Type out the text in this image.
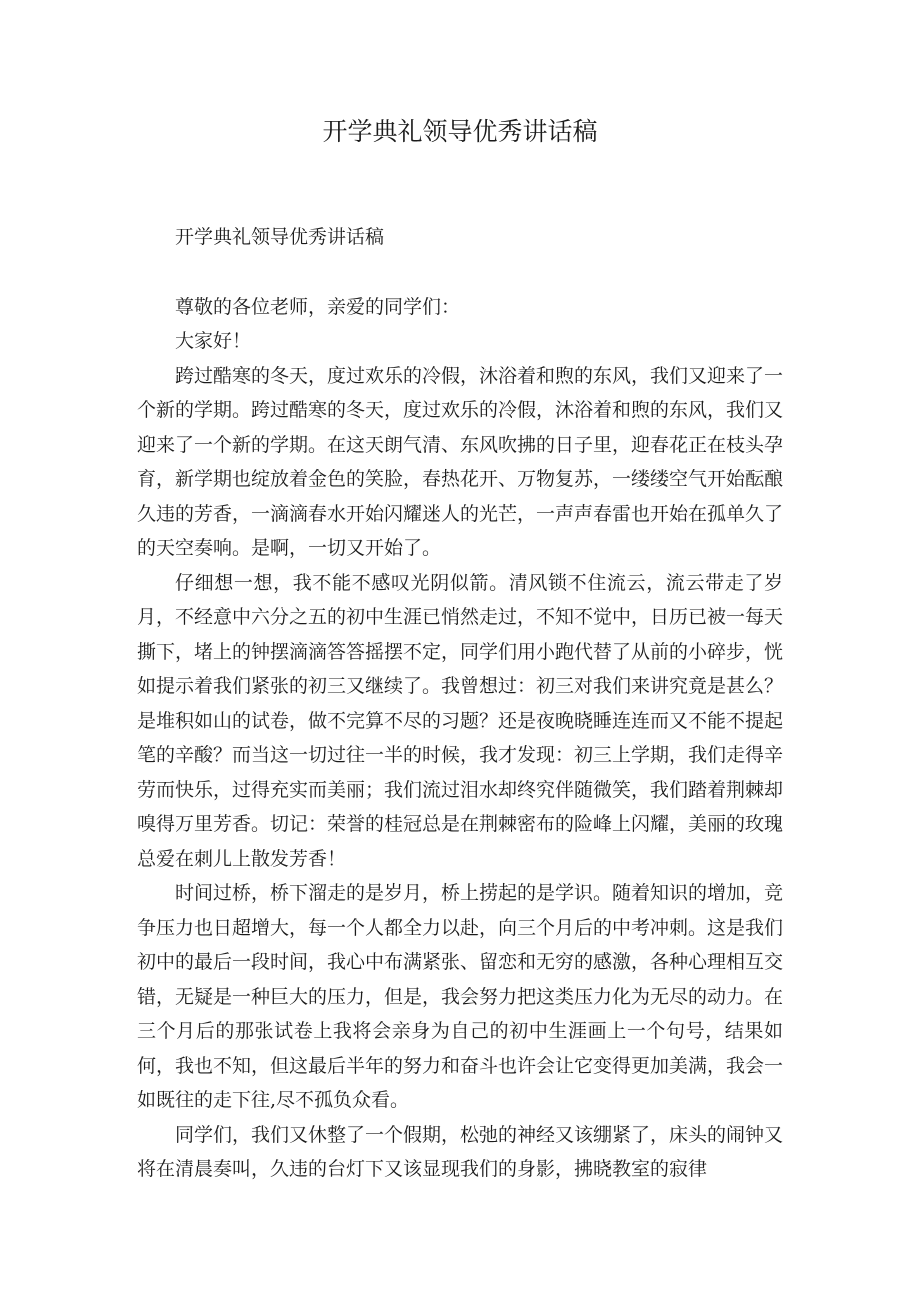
开学典礼领导优秀讲话稿

开学典礼领导优秀讲话稿

尊敬的各位老师，亲爱的同学们：

大家好！

跨过酷寒的冬天，度过欢乐的冷假，沐浴着和煦的东风，我们又迎来了一个新的学期。跨过酷寒的冬天，度过欢乐的冷假，沐浴着和煦的东风，我们又迎来了一个新的学期。在这天朗气清、东风吹拂的日子里，迎春花正在枝头孕育，新学期也绽放着金色的笑脸，春热花开、万物复苏，一缕缕空气开始酝酿久违的芳香，一滴滴春水开始闪耀迷人的光芒，一声声春雷也开始在孤单久了的天空奏响。是啊，一切又开始了。

仔细想一想，我不能不感叹光阴似箭。清风锁不住流云，流云带走了岁月，不经意中六分之五的初中生涯已悄然走过，不知不觉中，日历已被一每天撕下，堵上的钟摆滴滴答答摇摆不定，同学们用小跑代替了从前的小碎步，恍如提示着我们紧张的初三又继续了。我曾想过：初三对我们来讲究竟是甚么？是堆积如山的试卷，做不完算不尽的习题？还是夜晚晓睡连连而又不能不提起笔的辛酸？而当这一切过往一半的时候，我才发现：初三上学期，我们走得辛劳而快乐，过得充实而美丽；我们流过泪水却终究伴随微笑，我们踏着荆棘却嗅得万里芳香。切记：荣誉的桂冠总是在荆棘密布的险峰上闪耀，美丽的玫瑰总爱在刺儿上散发芳香！

时间过桥，桥下溜走的是岁月，桥上捞起的是学识。随着知识的增加，竞争压力也日超增大，每一个人都全力以赴，向三个月后的中考冲刺。这是我们初中的最后一段时间，我心中布满紧张、留恋和无穷的感激，各种心理相互交错，无疑是一种巨大的压力，但是，我会努力把这类压力化为无尽的动力。在三个月后的那张试卷上我将会亲身为自己的初中生涯画上一个句号，结果如何，我也不知，但这最后半年的努力和奋斗也许会让它变得更加美满，我会一如既往的走下往,尽不孤负众看。

同学们，我们又休整了一个假期，松弛的神经又该绷紧了，床头的闹钟又将在清晨奏叫，久违的台灯下又该显现我们的身影，拂晓教室的寂律
